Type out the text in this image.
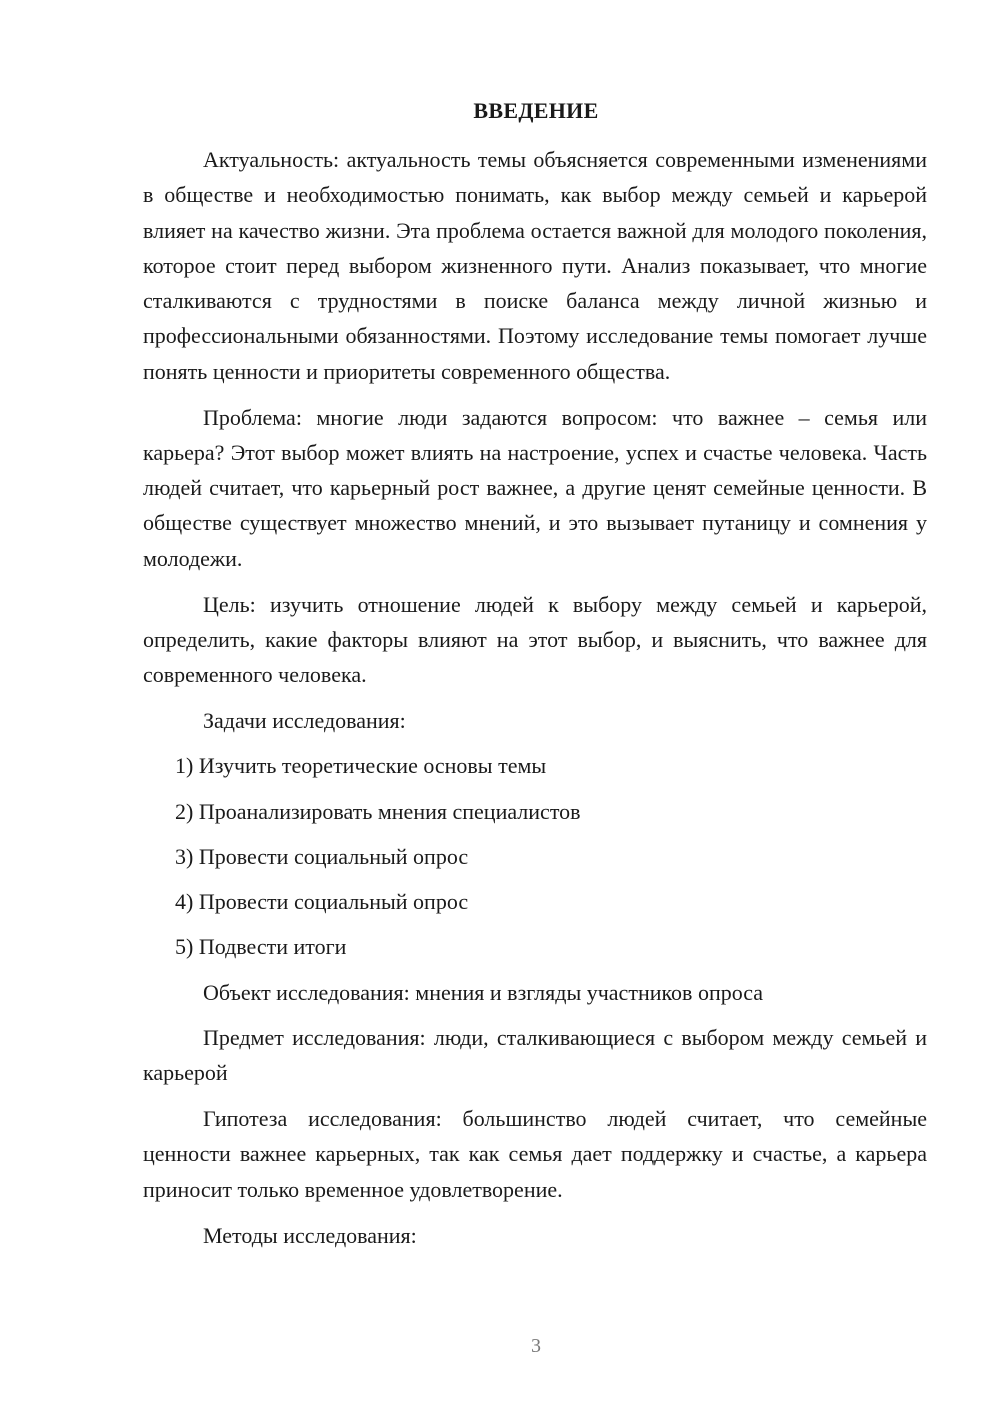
ВВЕДЕНИЕ

Актуальность: актуальность темы объясняется современными изменениями в обществе и необходимостью понимать, как выбор между семьей и карьерой влияет на качество жизни. Эта проблема остается важной для молодого поколения, которое стоит перед выбором жизненного пути. Анализ показывает, что многие сталкиваются с трудностями в поиске баланса между личной жизнью и профессиональными обязанностями. Поэтому исследование темы помогает лучше понять ценности и приоритеты современного общества.

Проблема: многие люди задаются вопросом: что важнее – семья или карьера? Этот выбор может влиять на настроение, успех и счастье человека. Часть людей считает, что карьерный рост важнее, а другие ценят семейные ценности. В обществе существует множество мнений, и это вызывает путаницу и сомнения у молодежи.

Цель: изучить отношение людей к выбору между семьей и карьерой, определить, какие факторы влияют на этот выбор, и выяснить, что важнее для современного человека.

Задачи исследования:

1) Изучить теоретические основы темы

2) Проанализировать мнения специалистов

3) Провести социальный опрос

4) Провести социальный опрос

5) Подвести итоги

Объект исследования: мнения и взгляды участников опроса

Предмет исследования: люди, сталкивающиеся с выбором между семьей и карьерой

Гипотеза исследования: большинство людей считает, что семейные ценности важнее карьерных, так как семья дает поддержку и счастье, а карьера приносит только временное удовлетворение.

Методы исследования:

3
